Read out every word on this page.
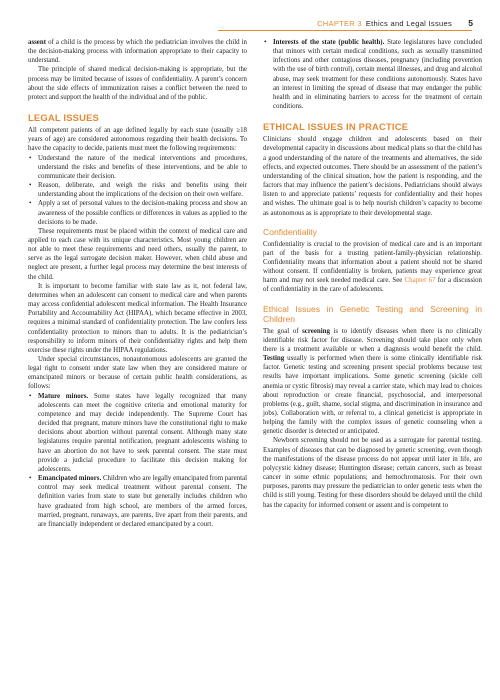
CHAPTER 3 Ethics and Legal Issues 5

assent of a child is the process by which the pediatrician involves the child in the decision-making process with information appropriate to their capacity to understand.

The principle of shared medical decision-making is appropriate, but the process may be limited because of issues of confidentiality. A parent’s concern about the side effects of immunization raises a conflict between the need to protect and support the health of the individual and of the public.

LEGAL ISSUES

All competent patients of an age defined legally by each state (usually ≥18 years of age) are considered autonomous regarding their health decisions. To have the capacity to decide, patients must meet the following requirements:

• Understand the nature of the medical interventions and procedures, understand the risks and benefits of these interventions, and be able to communicate their decision.
• Reason, deliberate, and weigh the risks and benefits using their understanding about the implications of the decision on their own welfare.
• Apply a set of personal values to the decision-making process and show an awareness of the possible conflicts or differences in values as applied to the decisions to be made.

These requirements must be placed within the context of medical care and applied to each case with its unique characteristics. Most young children are not able to meet these requirements and need others, usually the parent, to serve as the legal surrogate decision maker. However, when child abuse and neglect are present, a further legal process may determine the best interests of the child.

It is important to become familiar with state law as it, not federal law, determines when an adolescent can consent to medical care and when parents may access confidential adolescent medical information. The Health Insurance Portability and Accountability Act (HIPAA), which became effective in 2003, requires a minimal standard of confidentiality protection. The law confers less confidentiality protection to minors than to adults. It is the pediatrician’s responsibility to inform minors of their confidentiality rights and help them exercise these rights under the HIPAA regulations.

Under special circumstances, nonautonomous adolescents are granted the legal right to consent under state law when they are considered mature or emancipated minors or because of certain public health considerations, as follows:

• Mature minors. Some states have legally recognized that many adolescents can meet the cognitive criteria and emotional maturity for competence and may decide independently. The Supreme Court has decided that pregnant, mature minors have the constitutional right to make decisions about abortion without parental consent. Although many state legislatures require parental notification, pregnant adolescents wishing to have an abortion do not have to seek parental consent. The state must provide a judicial procedure to facilitate this decision making for adolescents.
• Emancipated minors. Children who are legally emancipated from parental control may seek medical treatment without parental consent. The definition varies from state to state but generally includes children who have graduated from high school, are members of the armed forces, married, pregnant, runaways, are parents, live apart from their parents, and are financially independent or declared emancipated by a court.
• Interests of the state (public health). State legislatures have concluded that minors with certain medical conditions, such as sexually transmitted infections and other contagious diseases, pregnancy (including prevention with the use of birth control), certain mental illnesses, and drug and alcohol abuse, may seek treatment for these conditions autonomously. States have an interest in limiting the spread of disease that may endanger the public health and in eliminating barriers to access for the treatment of certain conditions.
ETHICAL ISSUES IN PRACTICE

Clinicians should engage children and adolescents based on their developmental capacity in discussions about medical plans so that the child has a good understanding of the nature of the treatments and alternatives, the side effects, and expected outcomes. There should be an assessment of the patient’s understanding of the clinical situation, how the patient is responding, and the factors that may influence the patient’s decisions. Pediatricians should always listen to and appreciate patients’ requests for confidentiality and their hopes and wishes. The ultimate goal is to help nourish children’s capacity to become as autonomous as is appropriate to their developmental stage.

Confidentiality

Confidentiality is crucial to the provision of medical care and is an important part of the basis for a trusting patient-family-physician relationship. Confidentiality means that information about a patient should not be shared without consent. If confidentiality is broken, patients may experience great harm and may not seek needed medical care. See Chapter 67 for a discussion of confidentiality in the care of adolescents.

Ethical Issues in Genetic Testing and Screening in Children

The goal of screening is to identify diseases when there is no clinically identifiable risk factor for disease. Screening should take place only when there is a treatment available or when a diagnosis would benefit the child. Testing usually is performed when there is some clinically identifiable risk factor. Genetic testing and screening present special problems because test results have important implications. Some genetic screening (sickle cell anemia or cystic fibrosis) may reveal a carrier state, which may lead to choices about reproduction or create financial, psychosocial, and interpersonal problems (e.g., guilt, shame, social stigma, and discrimination in insurance and jobs). Collaboration with, or referral to, a clinical geneticist is appropriate in helping the family with the complex issues of genetic counseling when a genetic disorder is detected or anticipated.

Newborn screening should not be used as a surrogate for parental testing. Examples of diseases that can be diagnosed by genetic screening, even though the manifestations of the disease process do not appear until later in life, are polycystic kidney disease; Huntington disease; certain cancers, such as breast cancer in some ethnic populations; and hemochromatosis. For their own purposes, parents may pressure the pediatrician to order genetic tests when the child is still young. Testing for these disorders should be delayed until the child has the capacity for informed consent or assent and is competent to
